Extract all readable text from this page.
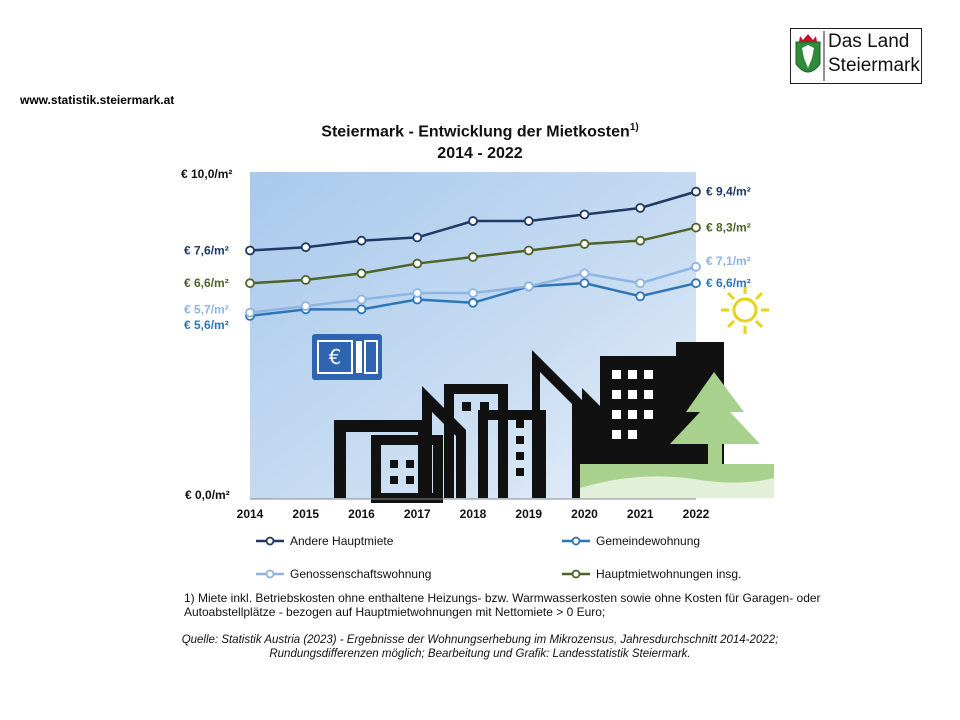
www.statistik.steiermark.at
Das Land
Steiermark
Steiermark - Entwicklung der Mietkosten$^{1)}$
2014 - 2022
€
2014 2015 2016 2017 2018 2019 2020 2021 2022
€ 7,6/m²
€ 9,4/m²
€ 5,6/m²
€ 6,6/m²
€ 5,7/m²
€ 7,1/m²
€ 6,6/m²
€ 8,3/m²
€ 10,0/m²
€ 0,0/m²
Andere Hauptmiete	Gemeindewohnung
Genossenschaftswohnung	Hauptmietwohnungen insg.
1) Miete inkl. Betriebskosten ohne enthaltene Heizungs- bzw. Warmwasserkosten sowie ohne Kosten für Garagen- oder Autoabstellplätze - bezogen auf Hauptmietwohnungen mit Nettomiete > 0 Euro;
Quelle: Statistik Austria (2023) - Ergebnisse der Wohnungserhebung im Mikrozensus, Jahresdurchschnitt 2014-2022; Rundungsdifferenzen möglich; Bearbeitung und Grafik: Landesstatistik Steiermark.
